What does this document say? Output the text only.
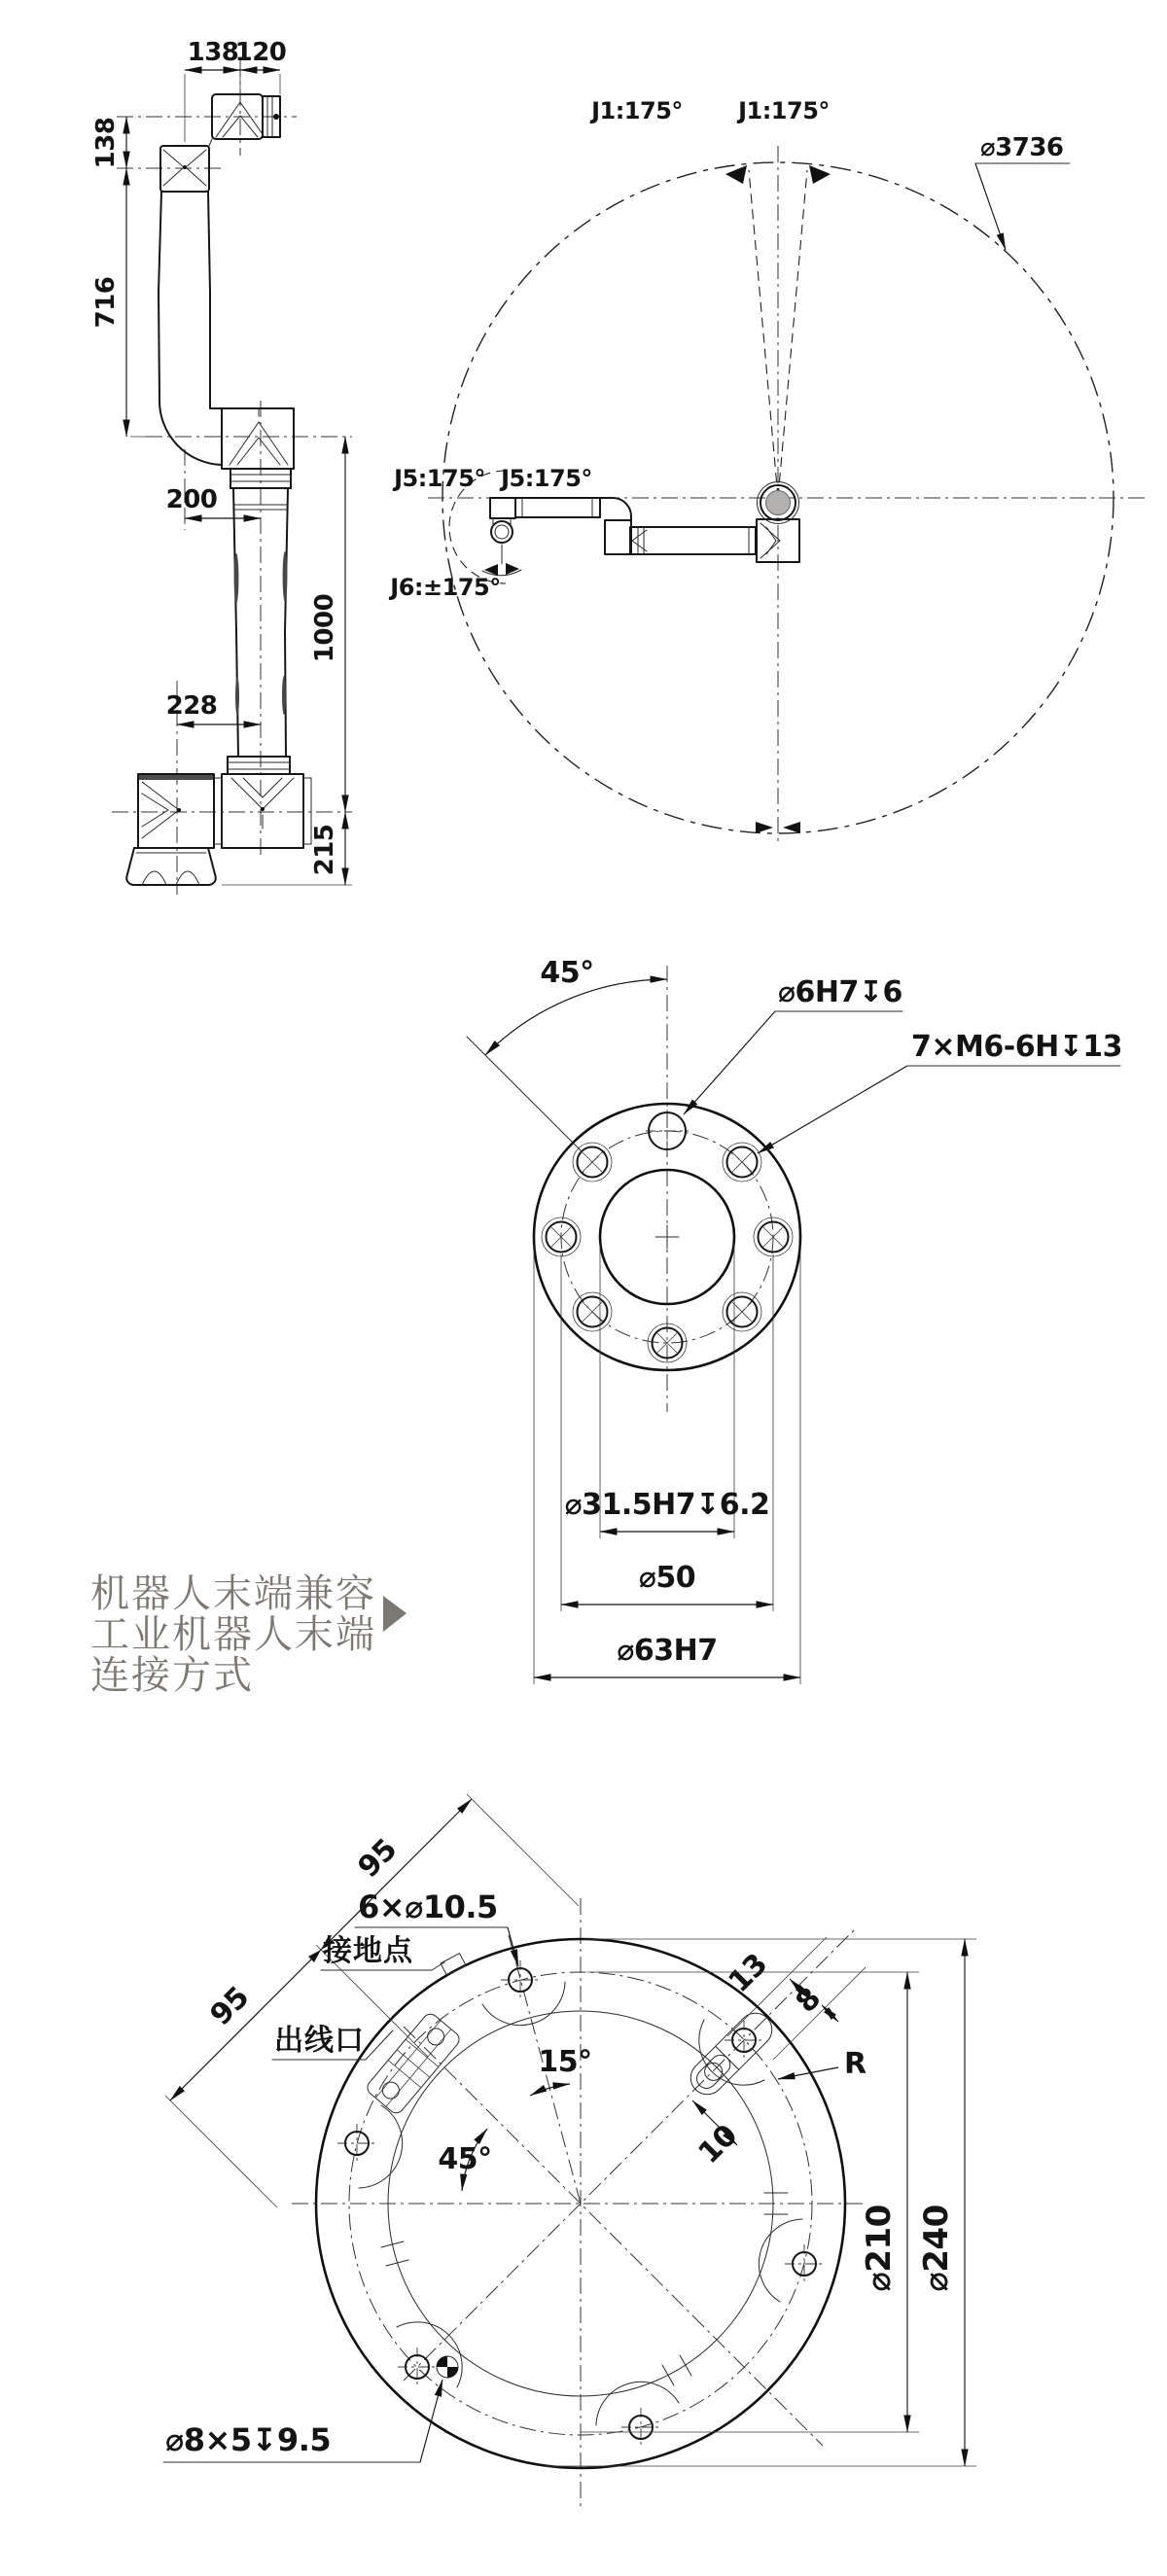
138
120
138
716
200
1000
228
215
J1:175° J1:175°
⌀3736
J5:175° J5:175°
J6:±175°
45°
⌀6H7↧6
7×M6-6H↧13
⌀31.5H7↧6.2
⌀50
⌀63H7
机器人末端兼容
工业机器人末端
连接方式
95
95
6×⌀10.5
接地点
出线口
15°
45°
13
8
R
10
⌀8×5↧9.5
⌀210 ⌀240
